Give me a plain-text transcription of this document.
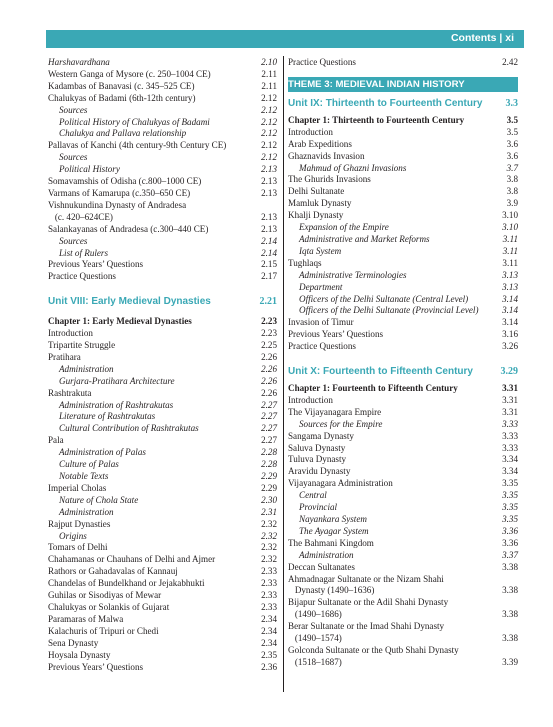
Contents | xi
Harshavardhana	2.10
Western Ganga of Mysore (c. 250–1004 CE)	2.11
Kadambas of Banavasi (c. 345–525 CE)	2.11
Chalukyas of Badami (6th-12th century)	2.12
Sources	2.12
Political History of Chalukyas of Badami	2.12
Chalukya and Pallava relationship	2.12
Pallavas of Kanchi (4th century-9th Century CE)	2.12
Sources	2.12
Political History	2.13
Somavamshis of Odisha (c.800–1000 CE)	2.13
Varmans of Kamarupa (c.350–650 CE)	2.13
Vishnukundina Dynasty of Andradesa
(c. 420–624CE)	2.13
Salankayanas of Andradesa (c.300–440 CE)	2.13
Sources	2.14
List of Rulers	2.14
Previous Years’ Questions	2.15
Practice Questions	2.17
Unit VIII: Early Medieval Dynasties	2.21
Chapter 1: Early Medieval Dynasties	2.23
Introduction	2.23
Tripartite Struggle	2.25
Pratihara	2.26
Administration	2.26
Gurjara-Pratihara Architecture	2.26
Rashtrakuta	2.26
Administration of Rashtrakutas	2.27
Literature of Rashtrakutas	2.27
Cultural Contribution of Rashtrakutas	2.27
Pala	2.27
Administration of Palas	2.28
Culture of Palas	2.28
Notable Texts	2.29
Imperial Cholas	2.29
Nature of Chola State	2.30
Administration	2.31
Rajput Dynasties	2.32
Origins	2.32
Tomars of Delhi	2.32
Chahamanas or Chauhans of Delhi and Ajmer	2.32
Rathors or Gahadavalas of Kannauj	2.33
Chandelas of Bundelkhand or Jejakabhukti	2.33
Guhilas or Sisodiyas of Mewar	2.33
Chalukyas or Solankis of Gujarat	2.33
Paramaras of Malwa	2.34
Kalachuris of Tripuri or Chedi	2.34
Sena Dynasty	2.34
Hoysala Dynasty	2.35
Previous Years’ Questions	2.36
Practice Questions	2.42
THEME 3: MEDIEVAL INDIAN HISTORY
Unit IX: Thirteenth to Fourteenth Century	3.3
Chapter 1: Thirteenth to Fourteenth Century	3.5
Introduction	3.5
Arab Expeditions	3.6
Ghaznavids Invasion	3.6
Mahmud of Ghazni Invasions	3.7
The Ghurids Invasions	3.8
Delhi Sultanate	3.8
Mamluk Dynasty	3.9
Khalji Dynasty	3.10
Expansion of the Empire	3.10
Administrative and Market Reforms	3.11
Iqta System	3.11
Tughlaqs	3.11
Administrative Terminologies	3.13
Department	3.13
Officers of the Delhi Sultanate (Central Level)	3.14
Officers of the Delhi Sultanate (Provincial Level)	3.14
Invasion of Timur	3.14
Previous Years’ Questions	3.16
Practice Questions	3.26
Unit X: Fourteenth to Fifteenth Century	3.29
Chapter 1: Fourteenth to Fifteenth Century	3.31
Introduction	3.31
The Vijayanagara Empire	3.31
Sources for the Empire	3.33
Sangama Dynasty	3.33
Saluva Dynasty	3.33
Tuluva Dynasty	3.34
Aravidu Dynasty	3.34
Vijayanagara Administration	3.35
Central	3.35
Provincial	3.35
Nayankara System	3.35
The Ayagar System	3.36
The Bahmani Kingdom	3.36
Administration	3.37
Deccan Sultanates	3.38
Ahmadnagar Sultanate or the Nizam Shahi
Dynasty (1490–1636)	3.38
Bijapur Sultanate or the Adil Shahi Dynasty
(1490–1686)	3.38
Berar Sultanate or the Imad Shahi Dynasty
(1490–1574)	3.38
Golconda Sultanate or the Qutb Shahi Dynasty
(1518–1687)	3.39
